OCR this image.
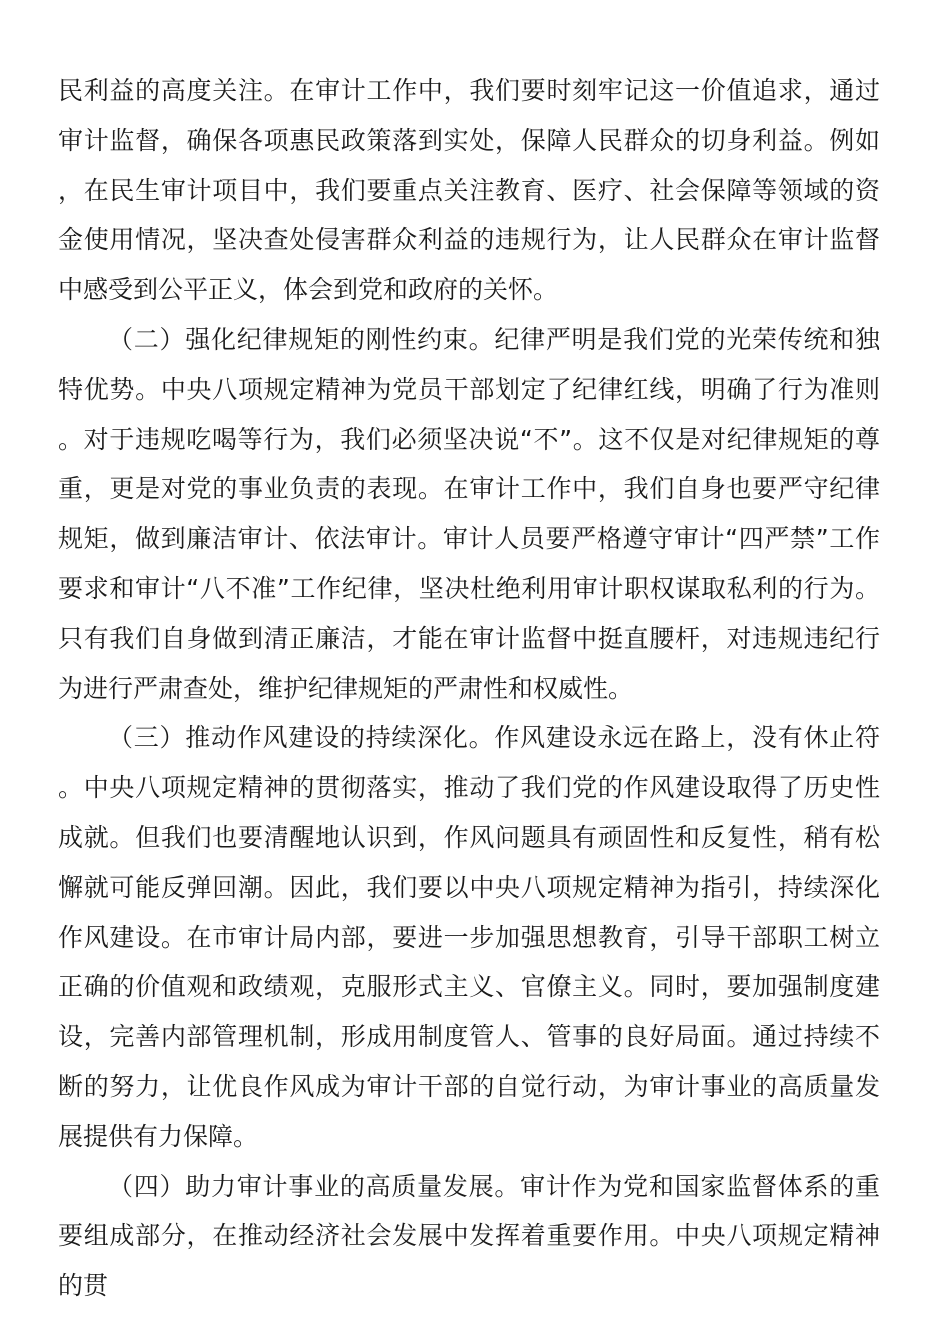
民利益的高度关注。在审计工作中，我们要时刻牢记这一价值追求，通过审计监督，确保各项惠民政策落到实处，保障人民群众的切身利益。例如，在民生审计项目中，我们要重点关注教育、医疗、社会保障等领域的资金使用情况，坚决查处侵害群众利益的违规行为，让人民群众在审计监督中感受到公平正义，体会到党和政府的关怀。

（二）强化纪律规矩的刚性约束。纪律严明是我们党的光荣传统和独特优势。中央八项规定精神为党员干部划定了纪律红线，明确了行为准则。对于违规吃喝等行为，我们必须坚决说“不”。这不仅是对纪律规矩的尊重，更是对党的事业负责的表现。在审计工作中，我们自身也要严守纪律规矩，做到廉洁审计、依法审计。审计人员要严格遵守审计“四严禁”工作要求和审计“八不准”工作纪律，坚决杜绝利用审计职权谋取私利的行为。只有我们自身做到清正廉洁，才能在审计监督中挺直腰杆，对违规违纪行为进行严肃查处，维护纪律规矩的严肃性和权威性。

（三）推动作风建设的持续深化。作风建设永远在路上，没有休止符。中央八项规定精神的贯彻落实，推动了我们党的作风建设取得了历史性成就。但我们也要清醒地认识到，作风问题具有顽固性和反复性，稍有松懈就可能反弹回潮。因此，我们要以中央八项规定精神为指引，持续深化作风建设。在市审计局内部，要进一步加强思想教育，引导干部职工树立正确的价值观和政绩观，克服形式主义、官僚主义。同时，要加强制度建设，完善内部管理机制，形成用制度管人、管事的良好局面。通过持续不断的努力，让优良作风成为审计干部的自觉行动，为审计事业的高质量发展提供有力保障。

（四）助力审计事业的高质量发展。审计作为党和国家监督体系的重要组成部分，在推动经济社会发展中发挥着重要作用。中央八项规定精神的贯
